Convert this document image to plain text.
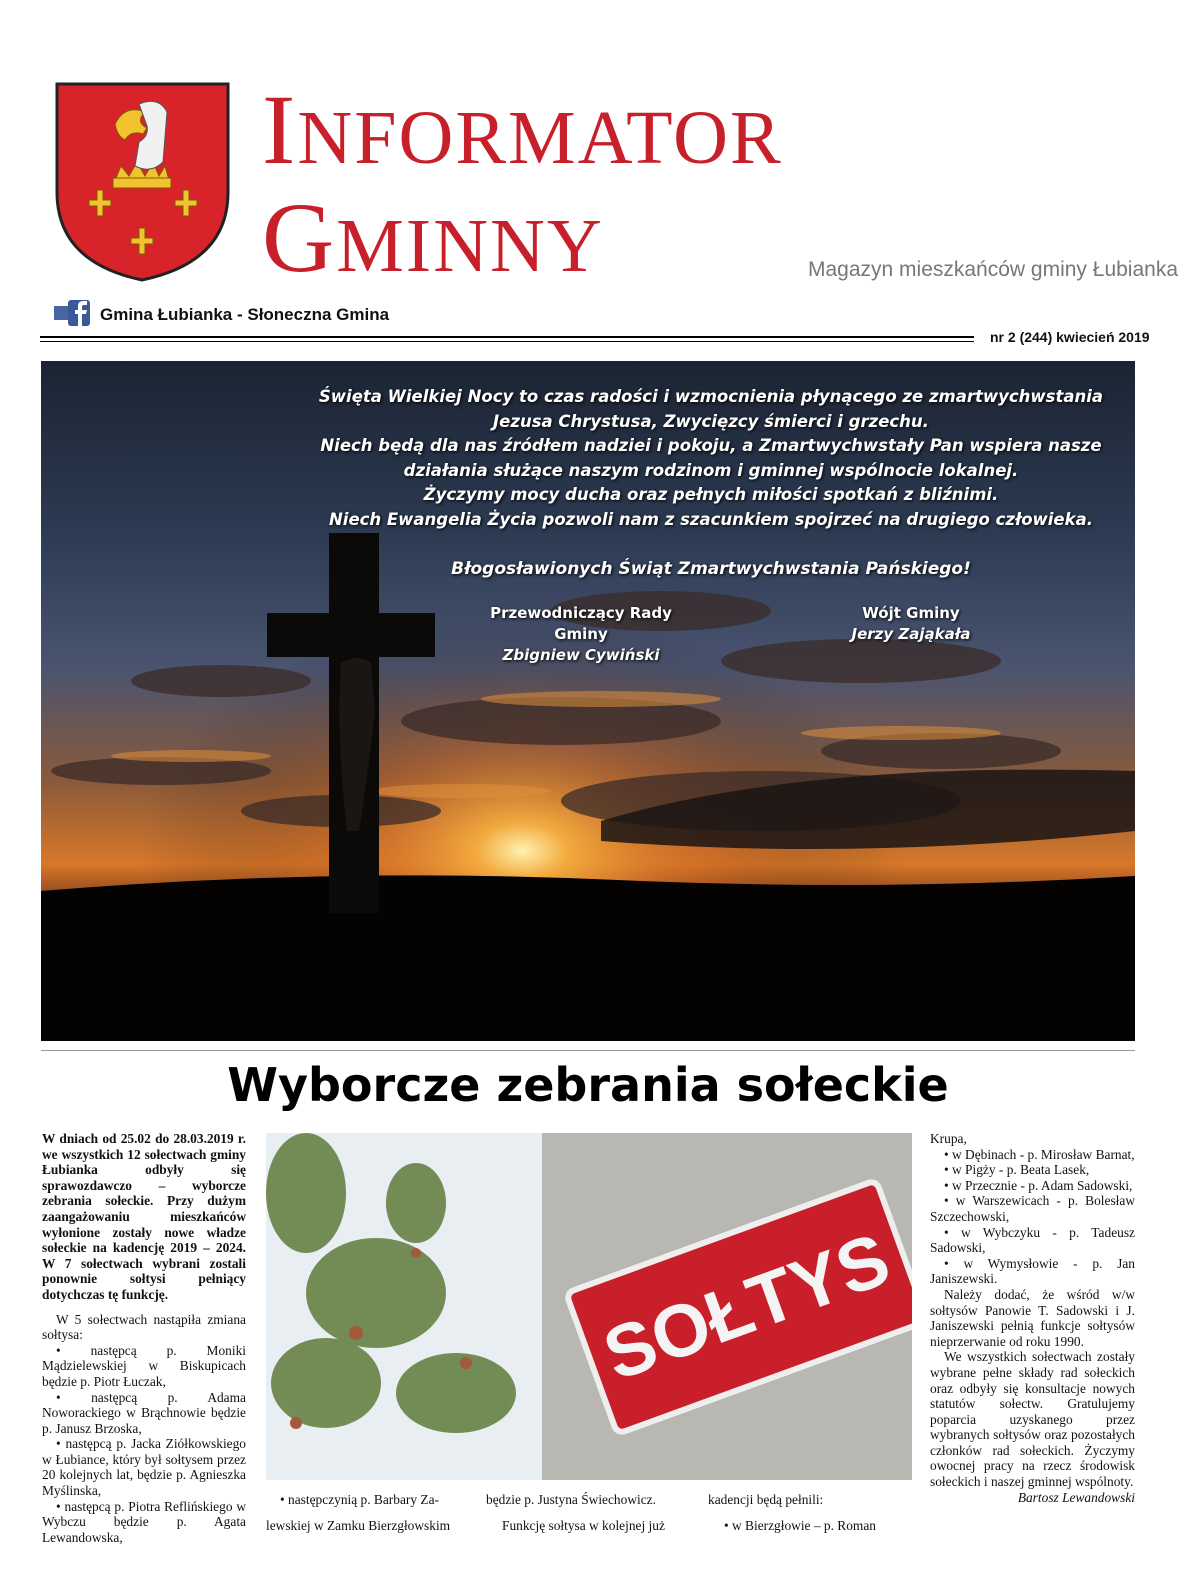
INFORMATOR
GMINNY	Magazyn mieszkańców gminy Łubianka
Gmina Łubianka - Słoneczna Gmina
nr 2 (244) kwiecień 2019
Święta Wielkiej Nocy to czas radości i wzmocnienia płynącego ze zmartwychwstania
Jezusa Chrystusa, Zwycięzcy śmierci i grzechu.
Niech będą dla nas źródłem nadziei i pokoju, a Zmartwychwstały Pan wspiera nasze
działania służące naszym rodzinom i gminnej wspólnocie lokalnej.
Życzymy mocy ducha oraz pełnych miłości spotkań z bliźnimi.
Niech Ewangelia Życia pozwoli nam z szacunkiem spojrzeć na drugiego człowieka.
Błogosławionych Świąt Zmartwychwstania Pańskiego!
Przewodniczący Rady Gminy
Zbigniew Cywiński
Wójt Gminy
Jerzy Zająkała
Wyborcze zebrania sołeckie

W dniach od 25.02 do 28.03.2019 r. we wszystkich 12 sołectwach gminy Łubianka odbyły się sprawozdawczo – wyborcze zebrania sołeckie. Przy dużym zaangażowaniu mieszkańców wyłonione zostały nowe władze sołeckie na kadencję 2019 – 2024. W 7 sołectwach wybrani zostali ponownie sołtysi pełniący dotychczas tę funkcję.

W 5 sołectwach nastąpiła zmiana sołtysa:

• następcą p. Moniki Mądzielewskiej w Biskupicach będzie p. Piotr Łuczak,

• następcą p. Adama Noworackiego w Brąchnowie będzie p. Janusz Brzoska,

• następcą p. Jacka Ziółkowskiego w Łubiance, który był sołtysem przez 20 kolejnych lat, będzie p. Agnieszka Myślinska,

• następcą p. Piotra Reflińskiego w Wybczu będzie p. Agata Lewandowska,

SOŁTYS
• następczynią p. Barbary Za-
lewskiej w Zamku Bierzgłowskim
będzie p. Justyna Świechowicz.
Funkcję sołtysa w kolejnej już
kadencji będą pełnili:
• w Bierzgłowie – p. Roman

Krupa,

• w Dębinach - p. Mirosław Barnat,

• w Pigży - p. Beata Lasek,

• w Przecznie - p. Adam Sadowski,

• w Warszewicach - p. Bolesław Szczechowski,

• w Wybczyku - p. Tadeusz Sadowski,

• w Wymysłowie - p. Jan Janiszewski.

Należy dodać, że wśród w/w sołtysów Panowie T. Sadowski i J. Janiszewski pełnią funkcje sołtysów nieprzerwanie od roku 1990.

We wszystkich sołectwach zostały wybrane pełne składy rad sołeckich oraz odbyły się konsultacje nowych statutów sołectw. Gratulujemy poparcia uzyskanego przez wybranych sołtysów oraz pozostałych członków rad sołeckich. Życzymy owocnej pracy na rzecz środowisk sołeckich i naszej gminnej wspólnoty.

Bartosz Lewandowski
